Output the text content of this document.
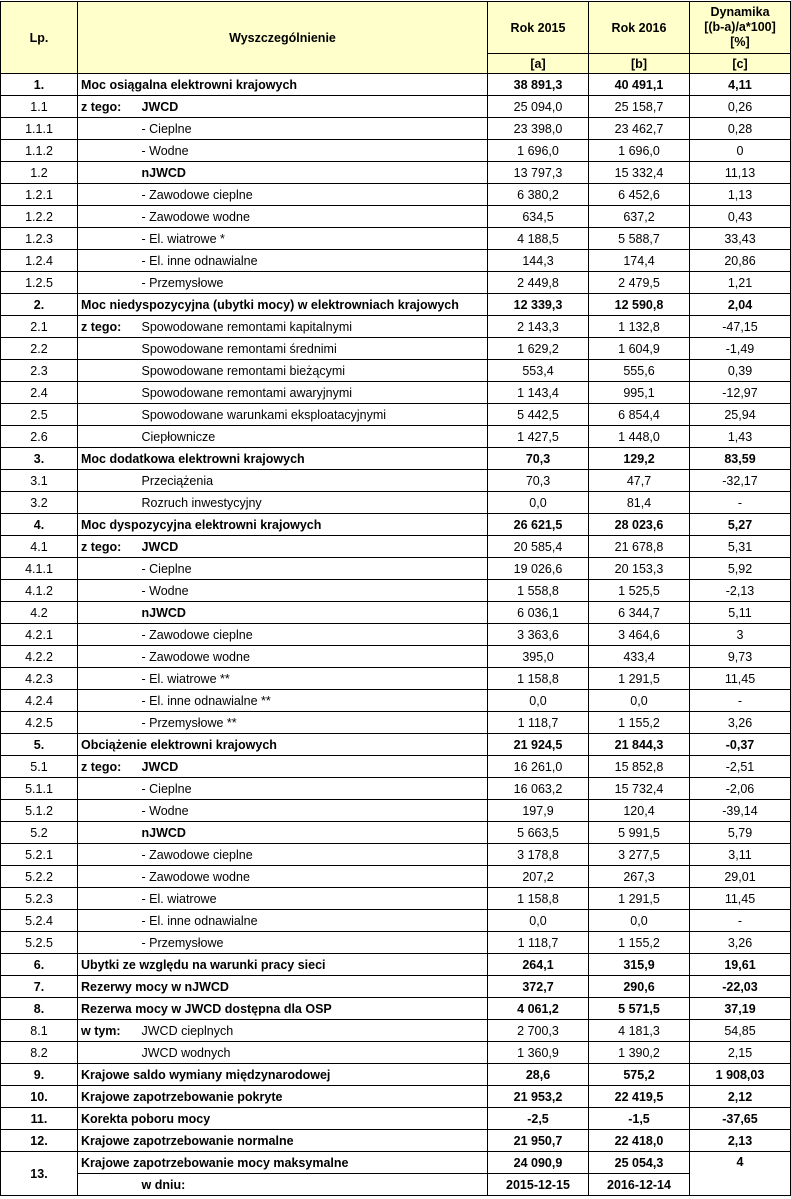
Lp.	Wyszczególnienie		Rok 2015	Rok 2016	Dynamika
[(b-a)/a*100]
[%]

			[a]	[b]	[c]
1.	Moc osiągalna elektrowni krajowych		38 891,3	40 491,1	4,11
1.1	z tego:	JWCD	25 094,0	25 158,7	0,26
1.1.1		- Cieplne	23 398,0	23 462,7	0,28
1.1.2		- Wodne	1 696,0	1 696,0	0
1.2		nJWCD	13 797,3	15 332,4	11,13
1.2.1		- Zawodowe cieplne	6 380,2	6 452,6	1,13
1.2.2		- Zawodowe wodne	634,5	637,2	0,43
1.2.3		- El. wiatrowe *	4 188,5	5 588,7	33,43
1.2.4		- El. inne odnawialne	144,3	174,4	20,86
1.2.5		- Przemysłowe	2 449,8	2 479,5	1,21
2.	Moc niedyspozycyjna (ubytki mocy) w elektrowniach krajowych		12 339,3	12 590,8	2,04
2.1	z tego:	Spowodowane remontami kapitalnymi	2 143,3	1 132,8	-47,15
2.2		Spowodowane remontami średnimi	1 629,2	1 604,9	-1,49
2.3		Spowodowane remontami bieżącymi	553,4	555,6	0,39
2.4		Spowodowane remontami awaryjnymi	1 143,4	995,1	-12,97
2.5		Spowodowane warunkami eksploatacyjnymi	5 442,5	6 854,4	25,94
2.6		Ciepłownicze	1 427,5	1 448,0	1,43
3.	Moc dodatkowa elektrowni krajowych		70,3	129,2	83,59
3.1		Przeciążenia	70,3	47,7	-32,17
3.2		Rozruch inwestycyjny	0,0	81,4	-
4.	Moc dyspozycyjna elektrowni krajowych		26 621,5	28 023,6	5,27
4.1	z tego:	JWCD	20 585,4	21 678,8	5,31
4.1.1		- Cieplne	19 026,6	20 153,3	5,92
4.1.2		- Wodne	1 558,8	1 525,5	-2,13
4.2		nJWCD	6 036,1	6 344,7	5,11
4.2.1		- Zawodowe cieplne	3 363,6	3 464,6	3
4.2.2		- Zawodowe wodne	395,0	433,4	9,73
4.2.3		- El. wiatrowe **	1 158,8	1 291,5	11,45
4.2.4		- El. inne odnawialne **	0,0	0,0	-
4.2.5		- Przemysłowe **	1 118,7	1 155,2	3,26
5.	Obciążenie elektrowni krajowych		21 924,5	21 844,3	-0,37
5.1	z tego:	JWCD	16 261,0	15 852,8	-2,51
5.1.1		- Cieplne	16 063,2	15 732,4	-2,06
5.1.2		- Wodne	197,9	120,4	-39,14
5.2		nJWCD	5 663,5	5 991,5	5,79
5.2.1		- Zawodowe cieplne	3 178,8	3 277,5	3,11
5.2.2		- Zawodowe wodne	207,2	267,3	29,01
5.2.3		- El. wiatrowe	1 158,8	1 291,5	11,45
5.2.4		- El. inne odnawialne	0,0	0,0	-
5.2.5		- Przemysłowe	1 118,7	1 155,2	3,26
6.	Ubytki ze względu na warunki pracy sieci		264,1	315,9	19,61
7.	Rezerwy mocy w nJWCD		372,7	290,6	-22,03
8.	Rezerwa mocy w JWCD dostępna dla OSP		4 061,2	5 571,5	37,19
8.1	w tym:	JWCD cieplnych	2 700,3	4 181,3	54,85
8.2		JWCD wodnych	1 360,9	1 390,2	2,15
9.	Krajowe saldo wymiany międzynarodowej		28,6	575,2	1 908,03
10.	Krajowe zapotrzebowanie pokryte		21 953,2	22 419,5	2,12
11.	Korekta poboru mocy		-2,5	-1,5	-37,65
12.	Krajowe zapotrzebowanie normalne		21 950,7	22 418,0	2,13
13.	Krajowe zapotrzebowanie mocy maksymalne		24 090,9	25 054,3	4
		w dniu:	2015-12-15	2016-12-14	
